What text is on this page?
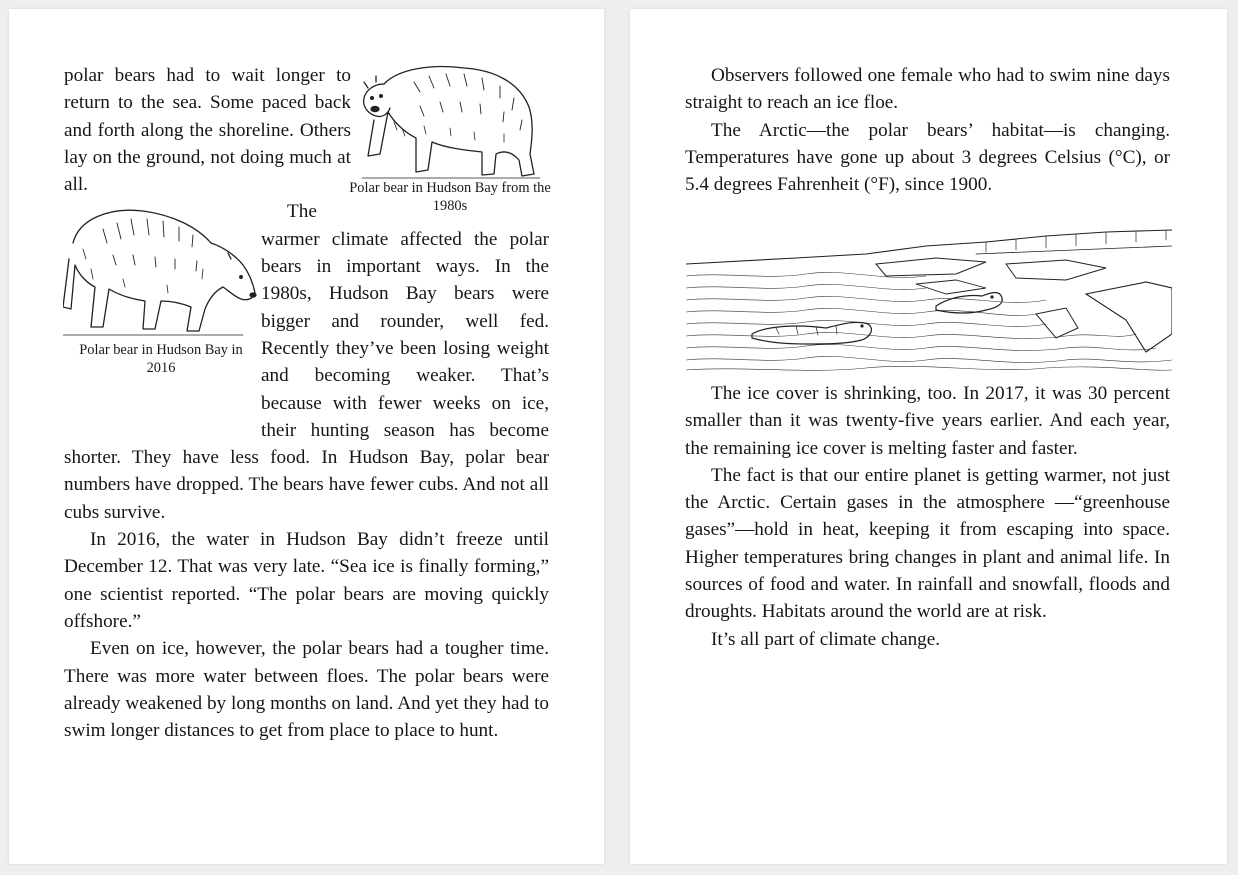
Polar bear in Hudson Bay from the 1980s
Polar bear in Hudson Bay in 2016

polar bears had to wait longer to return to the sea. Some paced back and forth along the shoreline. Others lay on the ground, not doing much at all.

The warmer climate affected the polar bears in important ways. In the 1980s, Hudson Bay bears were bigger and rounder, well fed. Recently they’ve been losing weight and becoming weaker. That’s because with fewer weeks on ice, their hunting season has become shorter. They have less food. In Hudson Bay, polar bear numbers have dropped. The bears have fewer cubs. And not all cubs survive.

In 2016, the water in Hudson Bay didn’t freeze until December 12. That was very late. “Sea ice is finally forming,” one scientist reported. “The polar bears are moving quickly offshore.”

Even on ice, however, the polar bears had a tougher time. There was more water between floes. The polar bears were already weakened by long months on land. And yet they had to swim longer distances to get from place to place to hunt.

Observers followed one female who had to swim nine days straight to reach an ice floe.

The Arctic—the polar bears’ habitat—is changing. Temperatures have gone up about 3 degrees Celsius (°C), or 5.4 degrees Fahrenheit (°F), since 1900.

The ice cover is shrinking, too. In 2017, it was 30 percent smaller than it was twenty-five years earlier. And each year, the remaining ice cover is melting faster and faster.

The fact is that our entire planet is getting warmer, not just the Arctic. Certain gases in the atmosphere —“greenhouse gases”—hold in heat, keeping it from escaping into space. Higher temperatures bring changes in plant and animal life. In sources of food and water. In rainfall and snowfall, floods and droughts. Habitats around the world are at risk.

It’s all part of climate change.
